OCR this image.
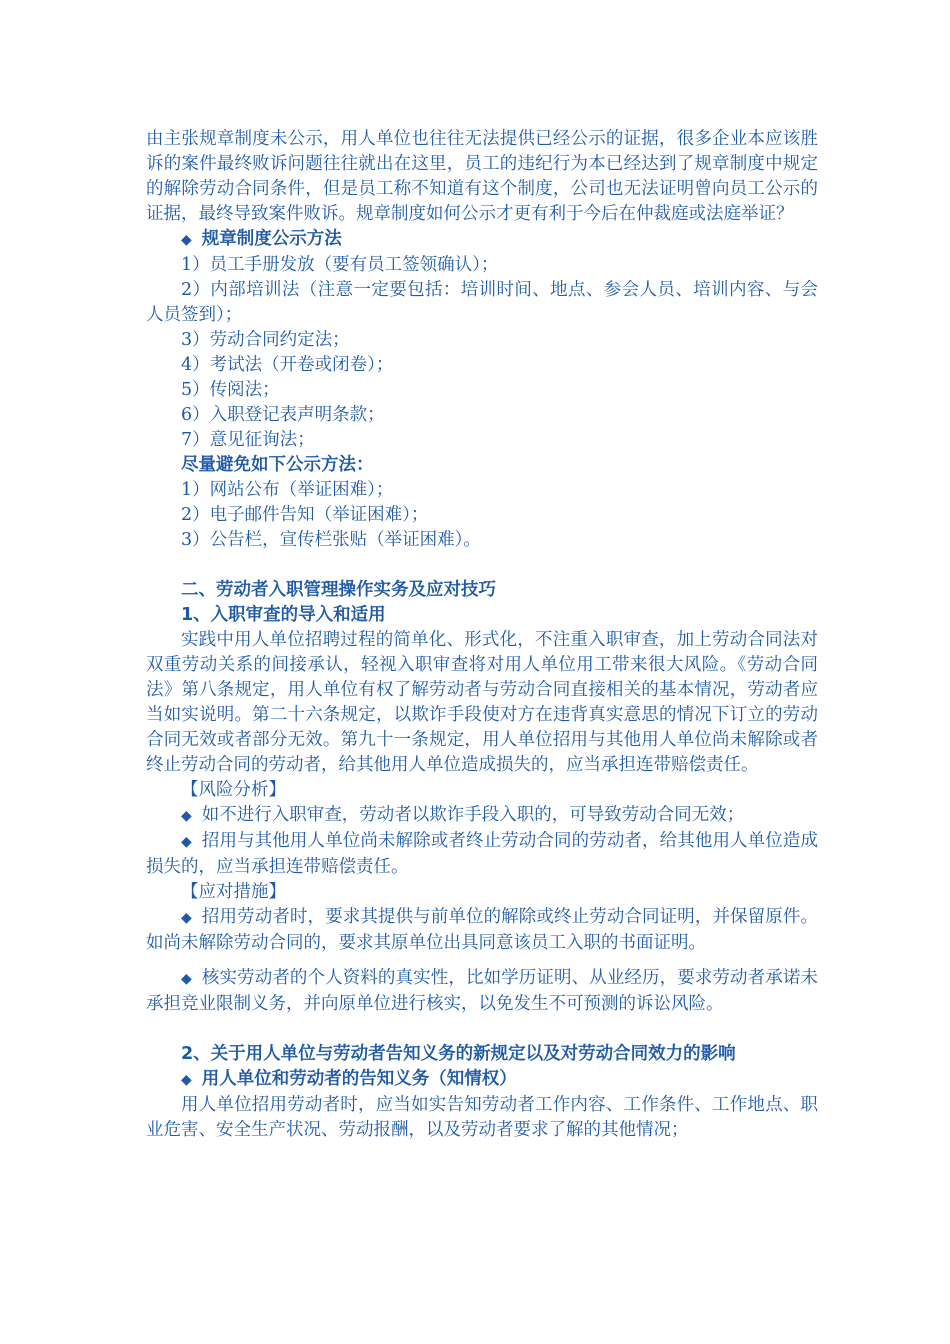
由主张规章制度未公示，用人单位也往往无法提供已经公示的证据，很多企业本应该胜诉的案件最终败诉问题往往就出在这里，员工的违纪行为本已经达到了规章制度中规定的解除劳动合同条件，但是员工称不知道有这个制度，公司也无法证明曾向员工公示的证据，最终导致案件败诉。规章制度如何公示才更有利于今后在仲裁庭或法庭举证？

◆ 规章制度公示方法

1）员工手册发放（要有员工签领确认）；

2）内部培训法（注意一定要包括：培训时间、地点、参会人员、培训内容、与会人员签到）；

3）劳动合同约定法；

4）考试法（开卷或闭卷）；

5）传阅法；

6）入职登记表声明条款；

7）意见征询法；

尽量避免如下公示方法：

1）网站公布（举证困难）；

2）电子邮件告知（举证困难）；

3）公告栏，宣传栏张贴（举证困难）。

二、劳动者入职管理操作实务及应对技巧

1、入职审查的导入和适用

实践中用人单位招聘过程的简单化、形式化，不注重入职审查，加上劳动合同法对双重劳动关系的间接承认，轻视入职审查将对用人单位用工带来很大风险。《劳动合同法》第八条规定，用人单位有权了解劳动者与劳动合同直接相关的基本情况，劳动者应当如实说明。第二十六条规定，以欺诈手段使对方在违背真实意思的情况下订立的劳动合同无效或者部分无效。第九十一条规定，用人单位招用与其他用人单位尚未解除或者终止劳动合同的劳动者，给其他用人单位造成损失的，应当承担连带赔偿责任。

【风险分析】

◆ 如不进行入职审查，劳动者以欺诈手段入职的，可导致劳动合同无效；

◆ 招用与其他用人单位尚未解除或者终止劳动合同的劳动者，给其他用人单位造成损失的，应当承担连带赔偿责任。

【应对措施】

◆ 招用劳动者时，要求其提供与前单位的解除或终止劳动合同证明，并保留原件。如尚未解除劳动合同的，要求其原单位出具同意该员工入职的书面证明。

◆ 核实劳动者的个人资料的真实性，比如学历证明、从业经历，要求劳动者承诺未承担竞业限制义务，并向原单位进行核实，以免发生不可预测的诉讼风险。

2、关于用人单位与劳动者告知义务的新规定以及对劳动合同效力的影响

◆ 用人单位和劳动者的告知义务（知情权）

用人单位招用劳动者时，应当如实告知劳动者工作内容、工作条件、工作地点、职业危害、安全生产状况、劳动报酬，以及劳动者要求了解的其他情况；
